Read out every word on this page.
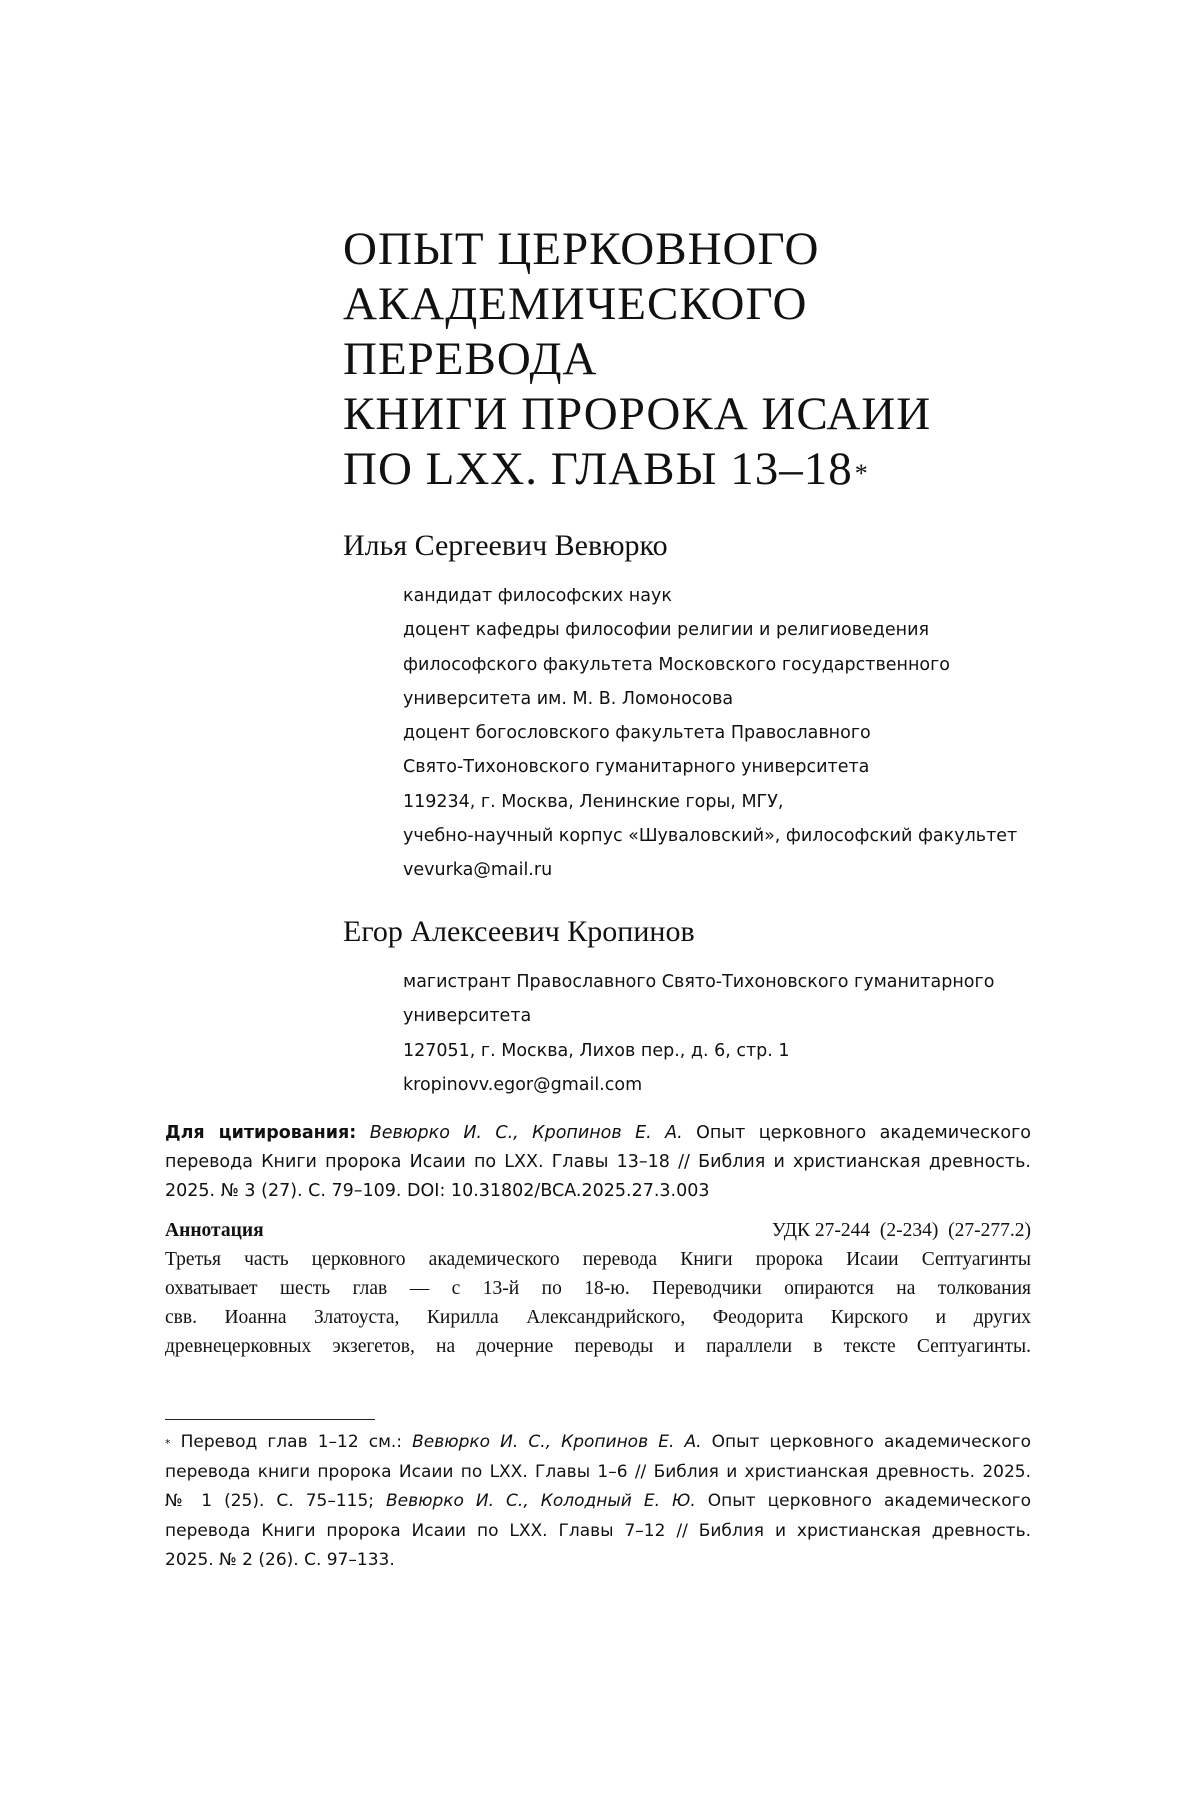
ОПЫТ ЦЕРКОВНОГО
АКАДЕМИЧЕСКОГО
ПЕРЕВОДА
КНИГИ ПРОРОКА ИСАИИ
ПО LXX. ГЛАВЫ 13–18*
Илья Сергеевич Вевюрко
кандидат философских наук
доцент кафедры философии религии и религиоведения
философского факультета Московского государственного
университета им. М. В. Ломоносова
доцент богословского факультета Православного
Свято-Тихоновского гуманитарного университета
119234, г. Москва, Ленинские горы, МГУ,
учебно-научный корпус «Шуваловский», философский факультет
vevurka@mail.ru
Егор Алексеевич Кропинов
магистрант Православного Свято-Тихоновского гуманитарного
университета
127051, г. Москва, Лихов пер., д. 6, стр. 1
kropinovv.egor@gmail.com

Для цитирования: Вевюрко И. С., Кропинов Е. А. Опыт церковного академического перевода Книги пророка Исаии по LXX. Главы 13–18 // Библия и христианская древность. 2025. № 3 (27). С. 79–109. DOI: 10.31802/BCA.2025.27.3.003

Аннотация	УДК 27-244  (2-234)  (27-277.2)

Третья часть церковного академического перевода Книги пророка Исаии Септуагинты
охватывает шесть глав — с 13-й по 18-ю. Переводчики опираются на толкования
свв. Иоанна Златоуста, Кирилла Александрийского, Феодорита Кирского и других
древнецерковных экзегетов, на дочерние переводы и параллели в тексте Септуагинты.

* Перевод глав 1–12 см.: Вевюрко И. С., Кропинов Е. А. Опыт церковного академического
перевода книги пророка Исаии по LXX. Главы 1–6 // Библия и христианская древность. 2025.
№ 1 (25). С. 75–115; Вевюрко И. С., Колодный Е. Ю. Опыт церковного академического
перевода Книги пророка Исаии по LXX. Главы 7–12 // Библия и христианская древность.
2025. № 2 (26). С. 97–133.
